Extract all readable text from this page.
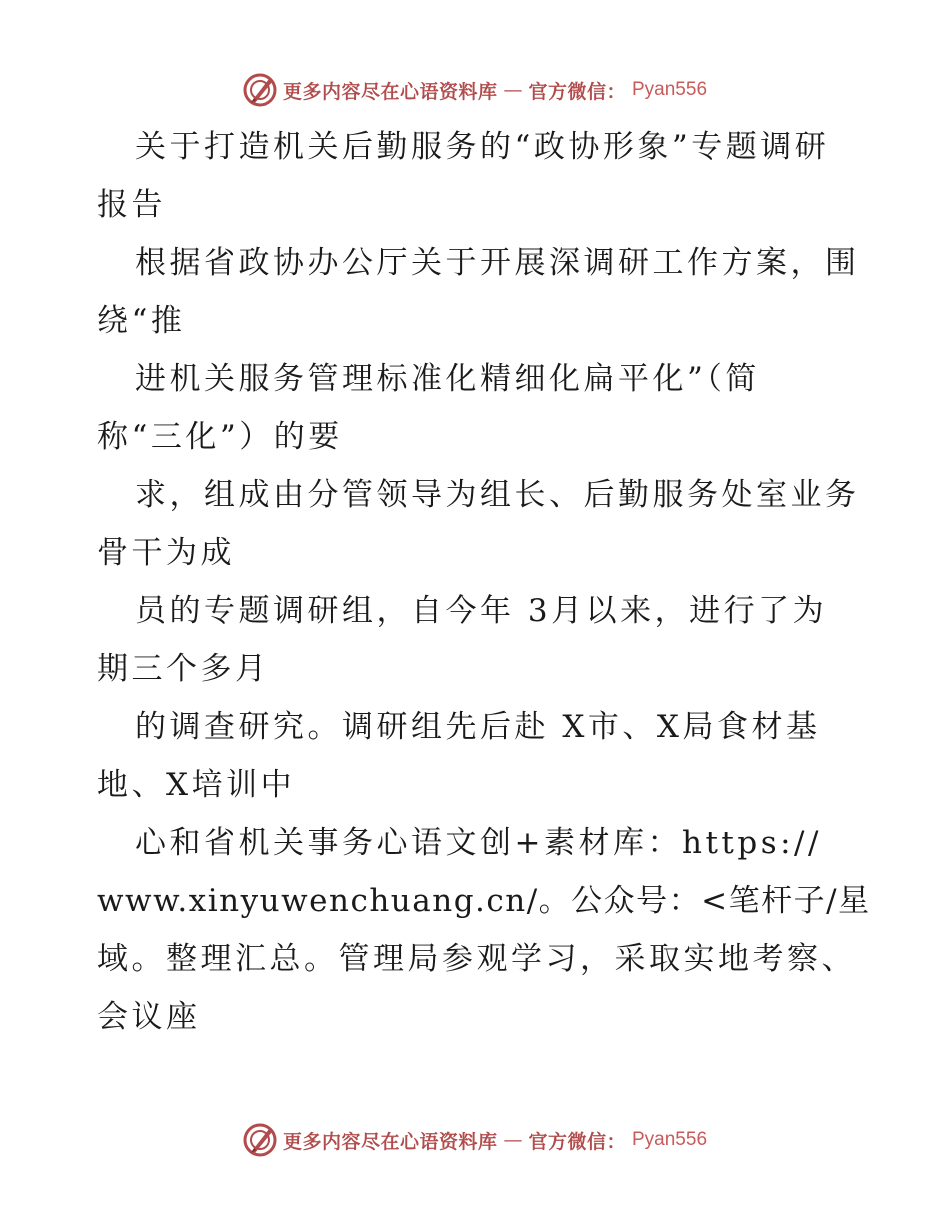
更多内容尽在心语资料库 — 官方微信： Pyan556
关于打造机关后勤服务的“政协形象”专题调研
报告
根据省政协办公厅关于开展深调研工作方案，围
绕“推
进机关服务管理标准化精细化扁平化”（简
称“三化”）的要
求，组成由分管领导为组长、后勤服务处室业务
骨干为成
员的专题调研组，自今年 3月以来，进行了为
期三个多月
的调查研究。调研组先后赴 X市、X局食材基
地、X培训中
心和省机关事务心语文创+素材库：https://
www.xinyuwenchuang.cn/。公众号：<笔杆子/星
域。整理汇总。管理局参观学习，采取实地考察、
会议座
更多内容尽在心语资料库 — 官方微信： Pyan556
